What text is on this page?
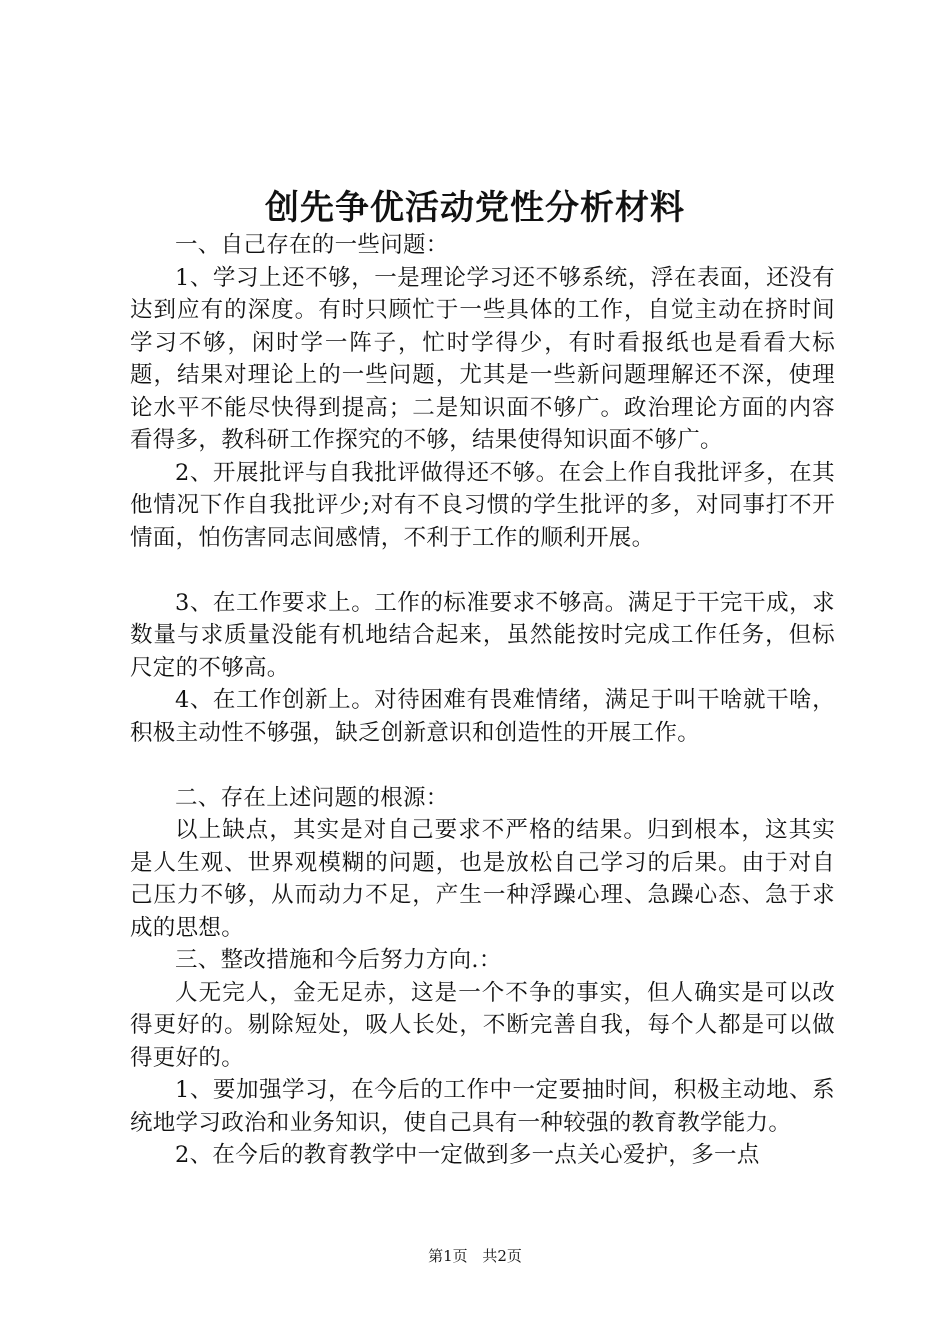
创先争优活动党性分析材料

一、自己存在的一些问题：

1、学习上还不够，一是理论学习还不够系统，浮在表面，还没有达到应有的深度。有时只顾忙于一些具体的工作，自觉主动在挤时间学习不够，闲时学一阵子，忙时学得少，有时看报纸也是看看大标题，结果对理论上的一些问题，尤其是一些新问题理解还不深，使理论水平不能尽快得到提高；二是知识面不够广。政治理论方面的内容看得多，教科研工作探究的不够，结果使得知识面不够广。

2、开展批评与自我批评做得还不够。在会上作自我批评多，在其他情况下作自我批评少;对有不良习惯的学生批评的多，对同事打不开情面，怕伤害同志间感情，不利于工作的顺利开展。

3、在工作要求上。工作的标准要求不够高。满足于干完干成，求数量与求质量没能有机地结合起来，虽然能按时完成工作任务，但标尺定的不够高。

4、在工作创新上。对待困难有畏难情绪，满足于叫干啥就干啥，积极主动性不够强，缺乏创新意识和创造性的开展工作。

二、存在上述问题的根源：

以上缺点，其实是对自己要求不严格的结果。归到根本，这其实是人生观、世界观模糊的问题，也是放松自己学习的后果。由于对自己压力不够，从而动力不足，产生一种浮躁心理、急躁心态、急于求成的思想。

三、整改措施和今后努力方向.：

人无完人，金无足赤，这是一个不争的事实，但人确实是可以改得更好的。剔除短处，吸人长处，不断完善自我，每个人都是可以做得更好的。

1、要加强学习，在今后的工作中一定要抽时间，积极主动地、系统地学习政治和业务知识，使自己具有一种较强的教育教学能力。

2、在今后的教育教学中一定做到多一点关心爱护，多一点

第1页 共2页
